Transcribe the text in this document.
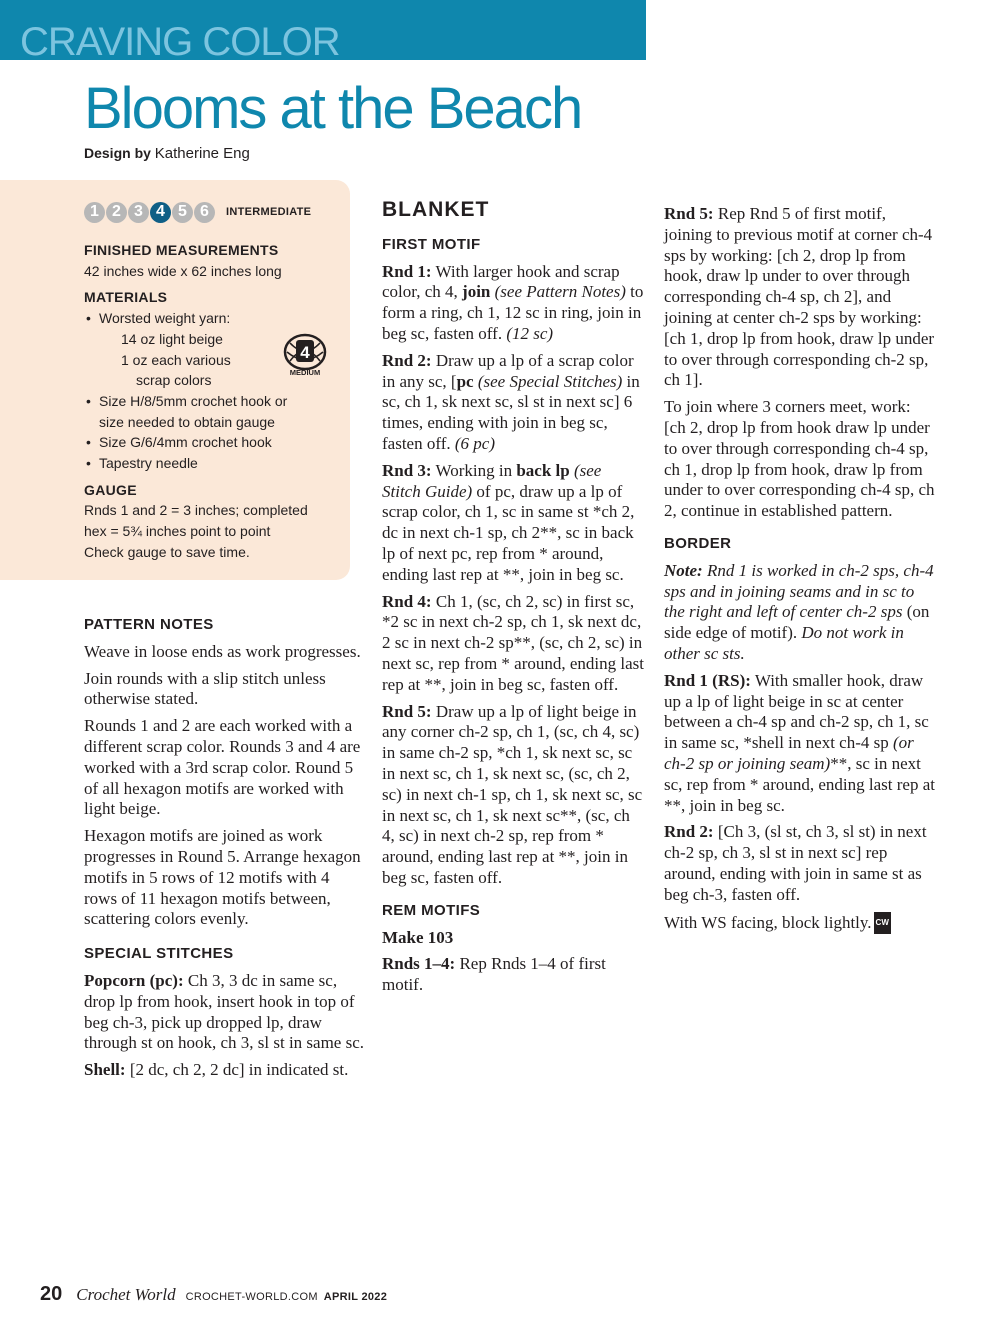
CRAVING COLOR
Blooms at the Beach
Design by Katherine Eng
1 2 3 4 5 6	INTERMEDIATE
FINISHED MEASUREMENTS

42 inches wide x 62 inches long

MATERIALS
• Worsted weight yarn:
14 oz light beige
1 oz each various
scrap colors
• Size H/8/5mm crochet hook or
size needed to obtain gauge
• Size G/6/4mm crochet hook
• Tapestry needle
GAUGE

Rnds 1 and 2 = 3 inches; completed

hex = 5¾ inches point to point

Check gauge to save time.

4
MEDIUM
PATTERN NOTES

Weave in loose ends as work progresses.

Join rounds with a slip stitch unless otherwise stated.

Rounds 1 and 2 are each worked with a different scrap color. Rounds 3 and 4 are worked with a 3rd scrap color. Round 5 of all hexagon motifs are worked with light beige.

Hexagon motifs are joined as work progresses in Round 5. Arrange hexagon motifs in 5 rows of 12 motifs with 4 rows of 11 hexagon motifs between, scattering colors evenly.

SPECIAL STITCHES

Popcorn (pc): Ch 3, 3 dc in same sc, drop lp from hook, insert hook in top of beg ch-3, pick up dropped lp, draw through st on hook, ch 3, sl st in same sc.

Shell: [2 dc, ch 2, 2 dc] in indicated st.

BLANKET
FIRST MOTIF

Rnd 1: With larger hook and scrap color, ch 4, join (see Pattern Notes) to form a ring, ch 1, 12 sc in ring, join in beg sc, fasten off. (12 sc)

Rnd 2: Draw up a lp of a scrap color in any sc, [pc (see Special Stitches) in sc, ch 1, sk next sc, sl st in next sc] 6 times, ending with join in beg sc, fasten off. (6 pc)

Rnd 3: Working in back lp (see Stitch Guide) of pc, draw up a lp of scrap color, ch 1, sc in same st *ch 2, dc in next ch-1 sp, ch 2**, sc in back lp of next pc, rep from * around, ending last rep at **, join in beg sc.

Rnd 4: Ch 1, (sc, ch 2, sc) in first sc, *2 sc in next ch-2 sp, ch 1, sk next dc, 2 sc in next ch-2 sp**, (sc, ch 2, sc) in next sc, rep from * around, ending last rep at **, join in beg sc, fasten off.

Rnd 5: Draw up a lp of light beige in any corner ch-2 sp, ch 1, (sc, ch 4, sc) in same ch-2 sp, *ch 1, sk next sc, sc in next sc, ch 1, sk next sc, (sc, ch 2, sc) in next ch-1 sp, ch 1, sk next sc, sc in next sc, ch 1, sk next sc**, (sc, ch 4, sc) in next ch-2 sp, rep from * around, ending last rep at **, join in beg sc, fasten off.

REM MOTIFS

Make 103

Rnds 1–4: Rep Rnds 1–4 of first motif.

Rnd 5: Rep Rnd 5 of first motif, joining to previous motif at corner ch-4 sps by working: [ch 2, drop lp from hook, draw lp under to over through corresponding ch-4 sp, ch 2], and joining at center ch-2 sps by working: [ch 1, drop lp from hook, draw lp under to over through corresponding ch-2 sp, ch 1].

To join where 3 corners meet, work: [ch 2, drop lp from hook draw lp under to over through corresponding ch-4 sp, ch 1, drop lp from hook, draw lp from under to over corresponding ch-4 sp, ch 2, continue in established pattern.

BORDER

Note: Rnd 1 is worked in ch-2 sps, ch-4 sps and in joining seams and in sc to the right and left of center ch-2 sps (on side edge of motif). Do not work in other sc sts.

Rnd 1 (RS): With smaller hook, draw up a lp of light beige in sc at center between a ch-4 sp and ch-2 sp, ch 1, sc in same sc, *shell in next ch-4 sp (or ch-2 sp or joining seam)**, sc in next sc, rep from * around, ending last rep at **, join in beg sc.

Rnd 2: [Ch 3, (sl st, ch 3, sl st) in next ch-2 sp, ch 3, sl st in next sc] rep around, ending with join in same st as beg ch-3, fasten off.

With WS facing, block lightly. CW

20 Crochet World CROCHET-WORLD.COM APRIL 2022
